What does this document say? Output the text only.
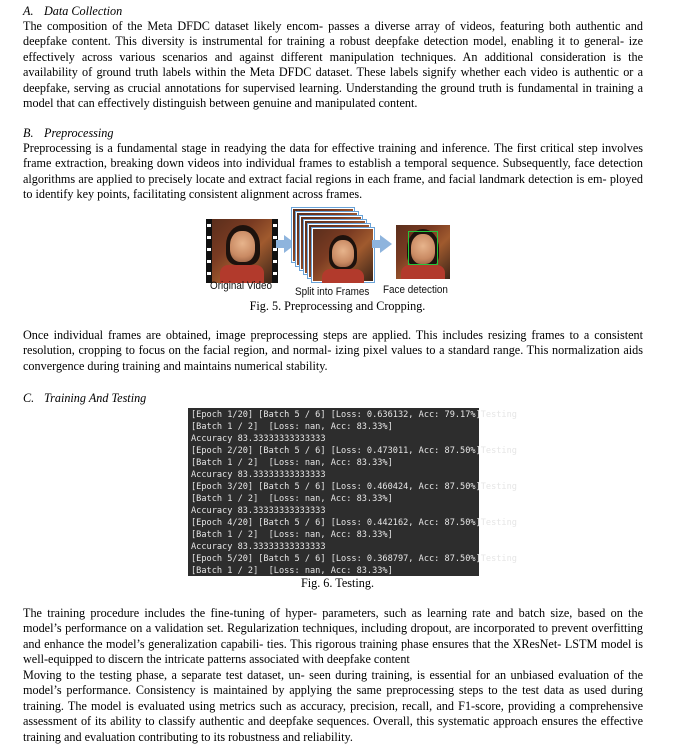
A. Data Collection

The composition of the Meta DFDC dataset likely encom- passes a diverse array of videos, featuring both authentic and deepfake content. This diversity is instrumental for training a robust deepfake detection model, enabling it to general- ize effectively across various scenarios and against different manipulation techniques. An additional consideration is the availability of ground truth labels within the Meta DFDC dataset. These labels signify whether each video is authentic or a deepfake, serving as crucial annotations for supervised learning. Understanding the ground truth is fundamental in training a model that can effectively distinguish between genuine and manipulated content.

B. Preprocessing

Preprocessing is a fundamental stage in readying the data for effective training and inference. The first critical step involves frame extraction, breaking down videos into individual frames to establish a temporal sequence. Subsequently, face detection algorithms are applied to precisely locate and extract facial regions in each frame, and facial landmark detection is em- ployed to identify key points, facilitating consistent alignment across frames.

Original Video Split into Frames Face detection
Fig. 5. Preprocessing and Cropping.

Once individual frames are obtained, image preprocessing steps are applied. This includes resizing frames to a consistent resolution, cropping to focus on the facial region, and normal- izing pixel values to a standard range. This normalization aids convergence during training and maintains numerical stability.

C. Training And Testing
[Epoch 1/20] [Batch 5 / 6] [Loss: 0.636132, Acc: 79.17%]Testing
[Batch 1 / 2]  [Loss: nan, Acc: 83.33%]
Accuracy 83.33333333333333
[Epoch 2/20] [Batch 5 / 6] [Loss: 0.473011, Acc: 87.50%]Testing
[Batch 1 / 2]  [Loss: nan, Acc: 83.33%]
Accuracy 83.33333333333333
[Epoch 3/20] [Batch 5 / 6] [Loss: 0.460424, Acc: 87.50%]Testing
[Batch 1 / 2]  [Loss: nan, Acc: 83.33%]
Accuracy 83.33333333333333
[Epoch 4/20] [Batch 5 / 6] [Loss: 0.442162, Acc: 87.50%]Testing
[Batch 1 / 2]  [Loss: nan, Acc: 83.33%]
Accuracy 83.33333333333333
[Epoch 5/20] [Batch 5 / 6] [Loss: 0.368797, Acc: 87.50%]Testing
[Batch 1 / 2]  [Loss: nan, Acc: 83.33%]
Fig. 6. Testing.

The training procedure includes the fine-tuning of hyper- parameters, such as learning rate and batch size, based on the model’s performance on a validation set. Regularization techniques, including dropout, are incorporated to prevent overfitting and enhance the model’s generalization capabili- ties. This rigorous training phase ensures that the XResNet- LSTM model is well-equipped to discern the intricate patterns associated with deepfake content

Moving to the testing phase, a separate test dataset, un- seen during training, is essential for an unbiased evaluation of the model’s performance. Consistency is maintained by applying the same preprocessing steps to the test data as used during training. The model is evaluated using metrics such as accuracy, precision, recall, and F1-score, providing a comprehensive assessment of its ability to classify authentic and deepfake sequences. Overall, this systematic approach ensures the effective training and evaluation contributing to its robustness and reliability.
